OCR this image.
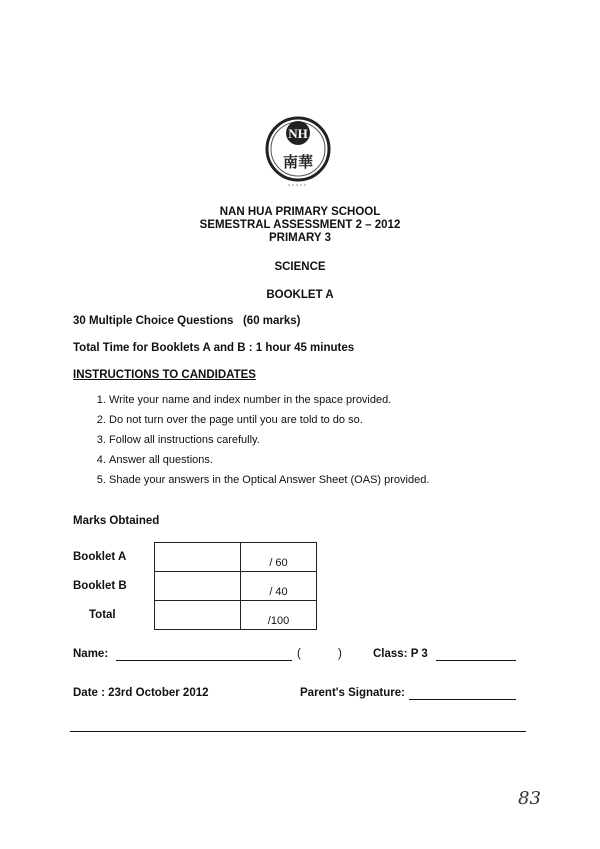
NH
南華
NAN HUA PRIMARY SCHOOL
SEMESTRAL ASSESSMENT 2 – 2012
PRIMARY 3
SCIENCE
BOOKLET A
30 Multiple Choice Questions   (60 marks)
Total Time for Booklets A and B : 1 hour 45 minutes
INSTRUCTIONS TO CANDIDATES
1. Write your name and index number in the space provided.
2. Do not turn over the page until you are told to do so.
3. Follow all instructions carefully.
4. Answer all questions.
5. Shade your answers in the Optical Answer Sheet (OAS) provided.
Marks Obtained
Booklet A		/ 60
Booklet B		/ 40
Total		/100
Name:	(	)	Class: P 3
Date : 23rd October 2012	Parent's Signature:
83
